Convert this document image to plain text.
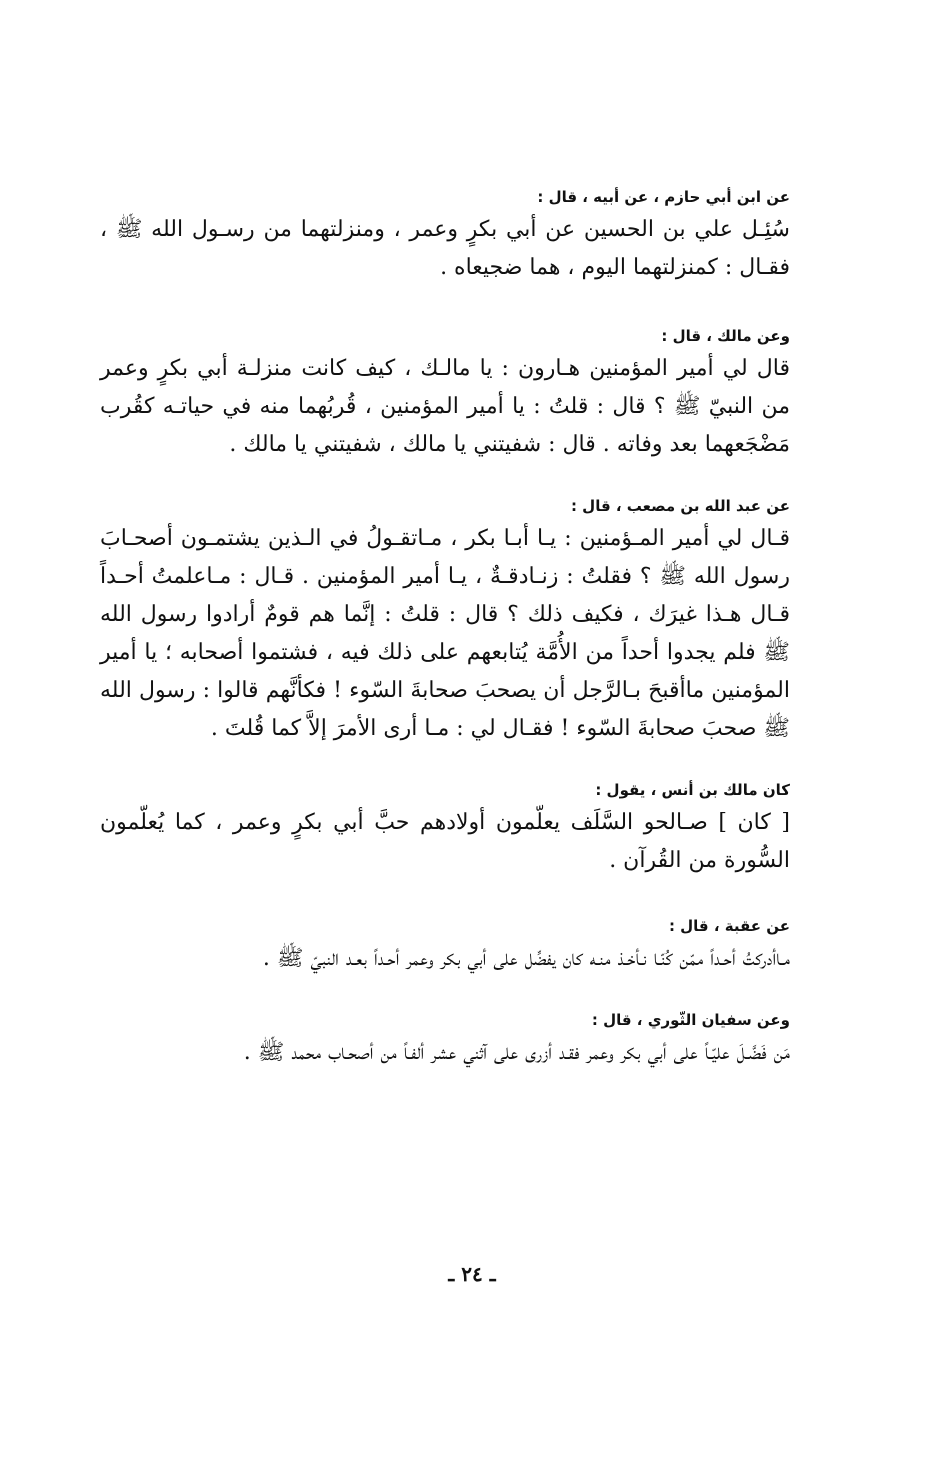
عن ابن أبي حازم ، عن أبيه ، قال :

سُئِـل علي بن الحسين عن أبي بكرٍ وعمر ، ومنزلتهما من رسـول الله ﷺ ، فقـال : كمنزلتهما اليوم ، هما ضجيعاه .

وعن مالك ، قال :

قال لي أمير المؤمنين هـارون : يا مالـك ، كيف كانت منزلـة أبي بكرٍ وعمر من النبيّ ﷺ ؟ قال : قلتُ : يا أمير المؤمنين ، قُربُهما منه في حياتـه كقُرب مَضْجَعهما بعد وفاته . قال : شفيتني يا مالك ، شفيتني يا مالك .

عن عبد الله بن مصعب ، قال :

قـال لي أمير المـؤمنين : يـا أبـا بكر ، مـاتقـولُ في الـذين يشتمـون أصحـابَ رسول الله ﷺ ؟ فقلتُ : زنـادقـةٌ ، يـا أمير المؤمنين . قـال : مـاعلمتُ أحـداً قـال هـذا غيرَك ، فكيف ذلك ؟ قال : قلتُ : إنَّما هم قومٌ أرادوا رسول الله ﷺ فلم يجدوا أحداً من الأُمَّة يُتابعهم على ذلك فيه ، فشتموا أصحابه ؛ يا أمير المؤمنين ماأقبحَ بـالرَّجل أن يصحبَ صحابةَ السّوء ! فكأنَّهم قالوا : رسول الله ﷺ صحبَ صحابةَ السّوء ! فقـال لي : مـا أرى الأمرَ إلاَّ كما قُلتَ .

كان مالك بن أنس ، يقول :

[ كان ] صـالحو السَّلَف يعلّمون أولادهم حبَّ أبي بكرٍ وعمر ، كما يُعلّمون السُّورة من القُرآن .

عن عقبة ، قال :

مـاأدركتُ أحـداً ممّن كُنّـا نـأخـذ منـه كان يفضِّل على أبي بكر وعمر أحـداً بعـد النبيّ ﷺ .

وعن سفيان الثّوري ، قال :

مَن فَضَّـلَ عليّـاً على أبي بكر وعمر فقـد أزرى على آثني عشر ألفـاً من أصحـاب محمد ﷺ .

ـ ٢٤ ـ
